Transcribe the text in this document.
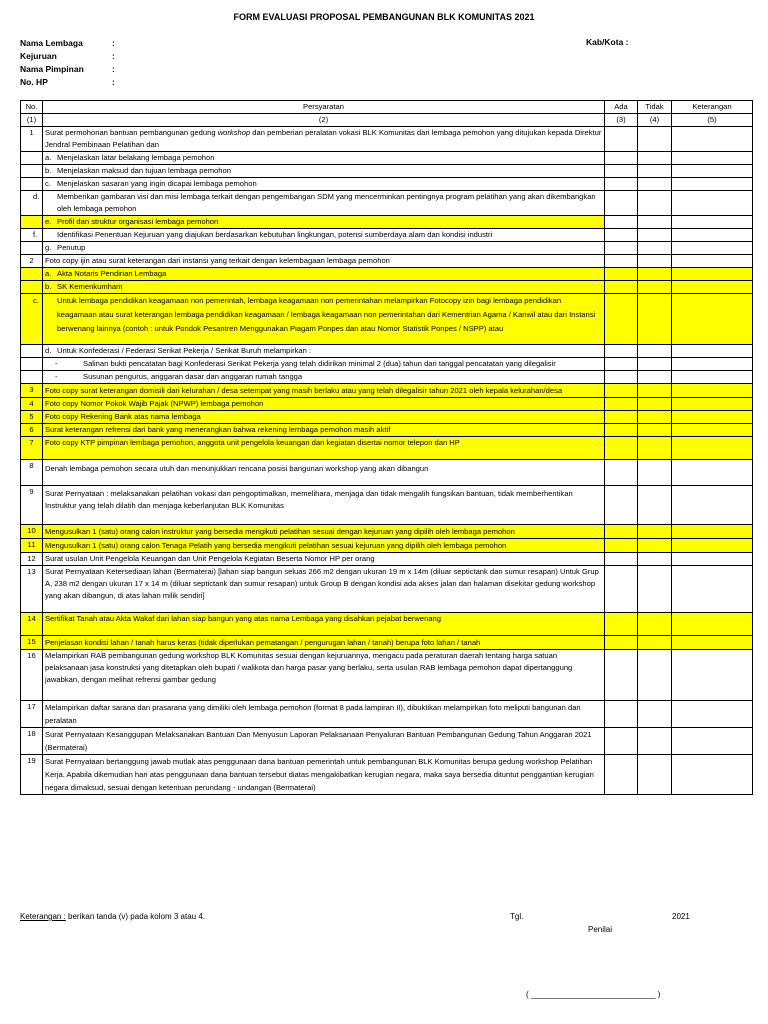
FORM EVALUASI PROPOSAL PEMBANGUNAN BLK KOMUNITAS 2021
Nama Lembaga	:
Kejuruan	:
Nama Pimpinan	:
No. HP	:
Kab/Kota :
No.	Persyaratan	Ada	Tidak	Keterangan
(1)	(2)	(3)	(4)	(5)
1	Surat permohonan bantuan pembangunan gedung workshop dan pemberian peralatan vokasi BLK Komunitas dari lembaga pemohon yang ditujukan kepada Direktur Jendral Pembinaan Pelatihan dan			
	a. Menjelaskan latar belakang lembaga pemohon			
	b. Menjelaskan maksud dan tujuan lembaga pemohon			
	c. Menjelaskan sasaran yang ingin dicapai lembaga pemohon			
	d. Memberikan gambaran visi dan misi lembaga terkait dengan pengembangan SDM yang mencerminkan pentingnya program pelatihan yang akan dikembangkan oleh lembaga pemohon			
	e. Profil dan struktur organisasi lembaga pemohon			
	f. Identifikasi Penentuan Kejuruan yang diajukan berdasarkan kebutuhan lingkungan, potensi sumberdaya alam dan kondisi industri			
	g. Penutup			
2	Foto copy ijin atau surat keterangan dari instansi yang terkait dengan kelembagaan lembaga pemohon			
	a. Akta Notaris Pendirian Lembaga			
	b. SK Kemenkumham			
	c. Untuk lembaga pendidikan keagamaan non pemerintah, lembaga keagamaan non pemerintahan melampirkan Fotocopy izin bagi lembaga pendidikan keagamaan atau surat keterangan lembaga pendidikan keagamaan / lembaga keagamaan non pemerintahan dari Kementrian Agama / Kanwil atau dari Instansi berwenang lainnya (contoh : untuk Pondok Pesantren Menggunakan Piagam Ponpes dan atau Nomor Statistik Ponpes / NSPP) atau			
	d. Untuk Konfederasi / Federasi Serikat Pekerja / Serikat Buruh melampirkan :			
	- Salinan bukti pencatatan bagi Konfederasi Serikat Pekerja yang telah didirikan minimal 2 (dua) tahun dari tanggal pencatatan yang dilegalisir			
	- Susunan pengurus, anggaran dasar dan anggaran rumah tangga			
3	Foto copy surat keterangan domisili dari kelurahan / desa setempat yang masih berlaku atau yang telah dilegalisir tahun 2021 oleh kepala kelurahan/desa			
4	Foto copy Nomor Pokok Wajib Pajak (NPWP) lembaga pemohon			
5	Foto copy Rekening Bank atas nama lembaga			
6	Surat keterangan refrensi dari bank yang menerangkan bahwa rekening lembaga pemohon masih aktif			
7	Foto copy KTP pimpinan lembaga pemohon, anggota unit pengelola keuangan dan kegiatan disertai nomor telepon dan HP			
8	Denah lembaga pemohon secara utuh dan menunjukkan rencana posisi bangunan workshop yang akan dibangun			
9	Surat Pernyataan : melaksanakan pelatihan vokasi dan pengoptimalkan, memelihara, menjaga dan tidak mengalih fungsikan bantuan, tidak memberhentikan Instruktur yang telah dilatih dan menjaga keberlanjutan BLK Komunitas			
10	Mengusulkan 1 (satu) orang calon instruktur yang bersedia mengikuti pelatihan sesuai dengan kejuruan yang dipilih oleh lembaga pemohon			
11	Mengusulkan 1 (satu) orang calon Tenaga Pelatih yang bersedia mengikuti pelatihan sesuai kejuruan yang dipilih oleh lembaga pemohon			
12	Surat usulan Unit Pengelola Keuangan dan Unit Pengelola Kegiatan Beserta Nomor HP per orang			
13	Surat Pernyataan Ketersediaan lahan (Bermaterai) [lahan siap bangun seluas 266 m2 dengan ukuran 19 m x 14m (diluar septictank dan sumur resapan) Untuk Grup A, 238 m2 dengan ukuran 17 x 14 m (diluar septictank dan sumur resapan) untuk Group B dengan kondisi ada akses jalan dan halaman disekitar gedung workshop yang akan dibangun, di atas lahan milik sendiri]			
14	Sertifikat Tanah atau Akta Wakaf dari lahan siap bangun yang atas nama Lembaga yang disahkan pejabat berwenang			
15	Penjelasan kondisi lahan / tanah harus keras (tidak diperlukan pematangan / pengurugan lahan / tanah) berupa foto lahan / tanah			
16	Melampirkan RAB pembangunan gedung workshop BLK Komunitas sesuai dengan kejuruannya, mengacu pada peraturan daerah tentang harga satuan pelaksanaan jasa konstruksi yang ditetapkan oleh bupati / walikota dan harga pasar yang berlaku, serta usulan RAB lembaga pemohon dapat dipertanggung jawabkan, dengan melihat refrensi gambar gedung			
17	Melampirkan daftar sarana dan prasarana yang dimiliki oleh lembaga pemohon (format 8 pada lampiran II), dibuktikan melampirkan foto meliputi bangunan dan peralatan			
18	Surat Pernyataan Kesanggupan Melaksanakan Bantuan Dan Menyusun Laporan Pelaksanaan Penyaluran Bantuan Pembangunan Gedung Tahun Anggaran 2021 (Bermaterai)			
19	Surat Pernyataan bertanggung jawab mutlak atas penggunaan dana bantuan pemerintah untuk pembangunan BLK Komunitas berupa gedung workshop Pelatihan Kerja. Apabila dikemudian hari atas penggunaan dana bantuan tersebut diatas mengakibatkan kerugian negara, maka saya bersedia dituntut penggantian kerugian negara dimaksud, sesuai dengan ketentuan perundang - undangan (Bermaterai)			
Keterangan : berikan tanda (v) pada kolom 3 atau 4.	Tgl.	2021
Penilai
( ____________________________ )
